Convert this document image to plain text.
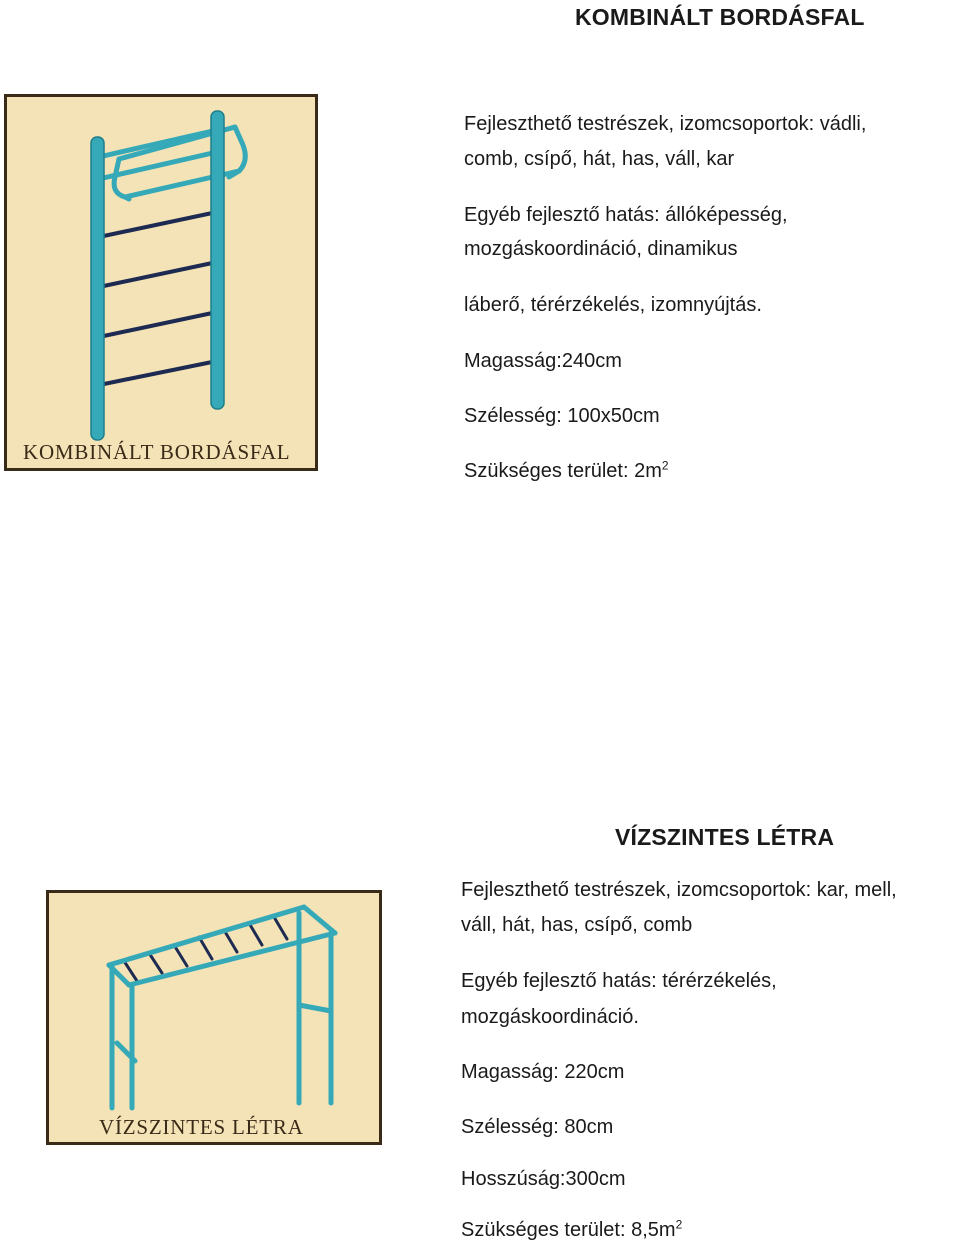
KOMBINÁLT BORDÁSFAL
KOMBINÁLT BORDÁSFAL
Fejleszthető testrészek, izomcsoportok: vádli,
comb, csípő, hát, has, váll, kar
Egyéb fejlesztő hatás: állóképesség,
mozgáskoordináció, dinamikus
láberő, térérzékelés, izomnyújtás.
Magasság:240cm
Szélesség: 100x50cm
Szükséges terület: $2m^2$
VÍZSZINTES LÉTRA
VÍZSZINTES LÉTRA
Fejleszthető testrészek, izomcsoportok: kar, mell,
váll, hát, has, csípő, comb
Egyéb fejlesztő hatás: térérzékelés,
mozgáskoordináció.
Magasság: 220cm
Szélesség: 80cm
Hosszúság:300cm
Szükséges terület: $8,5m^2$
